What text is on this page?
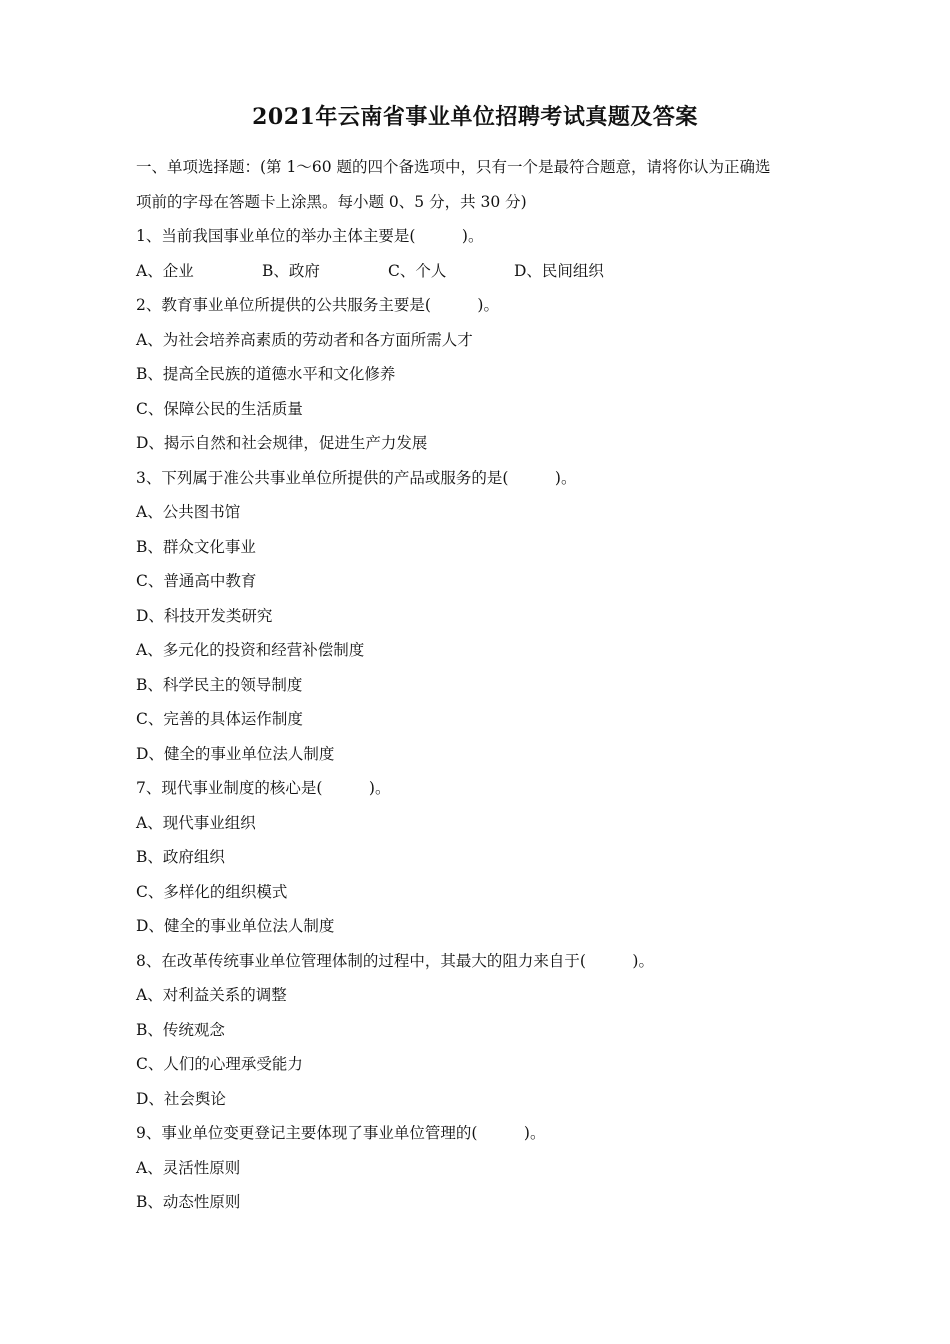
2021年云南省事业单位招聘考试真题及答案
一、单项选择题：(第 1～60 题的四个备选项中，只有一个是最符合题意，请将你认为正确选
项前的字母在答题卡上涂黑。每小题 0、5 分，共 30 分)
1、当前我国事业单位的举办主体主要是(　　　)。
A、企业	B、政府	C、个人	D、民间组织
2、教育事业单位所提供的公共服务主要是(　　　)。
A、为社会培养高素质的劳动者和各方面所需人才
B、提高全民族的道德水平和文化修养
C、保障公民的生活质量
D、揭示自然和社会规律，促进生产力发展
3、下列属于准公共事业单位所提供的产品或服务的是(　　　)。
A、公共图书馆
B、群众文化事业
C、普通高中教育
D、科技开发类研究
A、多元化的投资和经营补偿制度
B、科学民主的领导制度
C、完善的具体运作制度
D、健全的事业单位法人制度
7、现代事业制度的核心是(　　　)。
A、现代事业组织
B、政府组织
C、多样化的组织模式
D、健全的事业单位法人制度
8、在改革传统事业单位管理体制的过程中，其最大的阻力来自于(　　　)。
A、对利益关系的调整
B、传统观念
C、人们的心理承受能力
D、社会舆论
9、事业单位变更登记主要体现了事业单位管理的(　　　)。
A、灵活性原则
B、动态性原则
